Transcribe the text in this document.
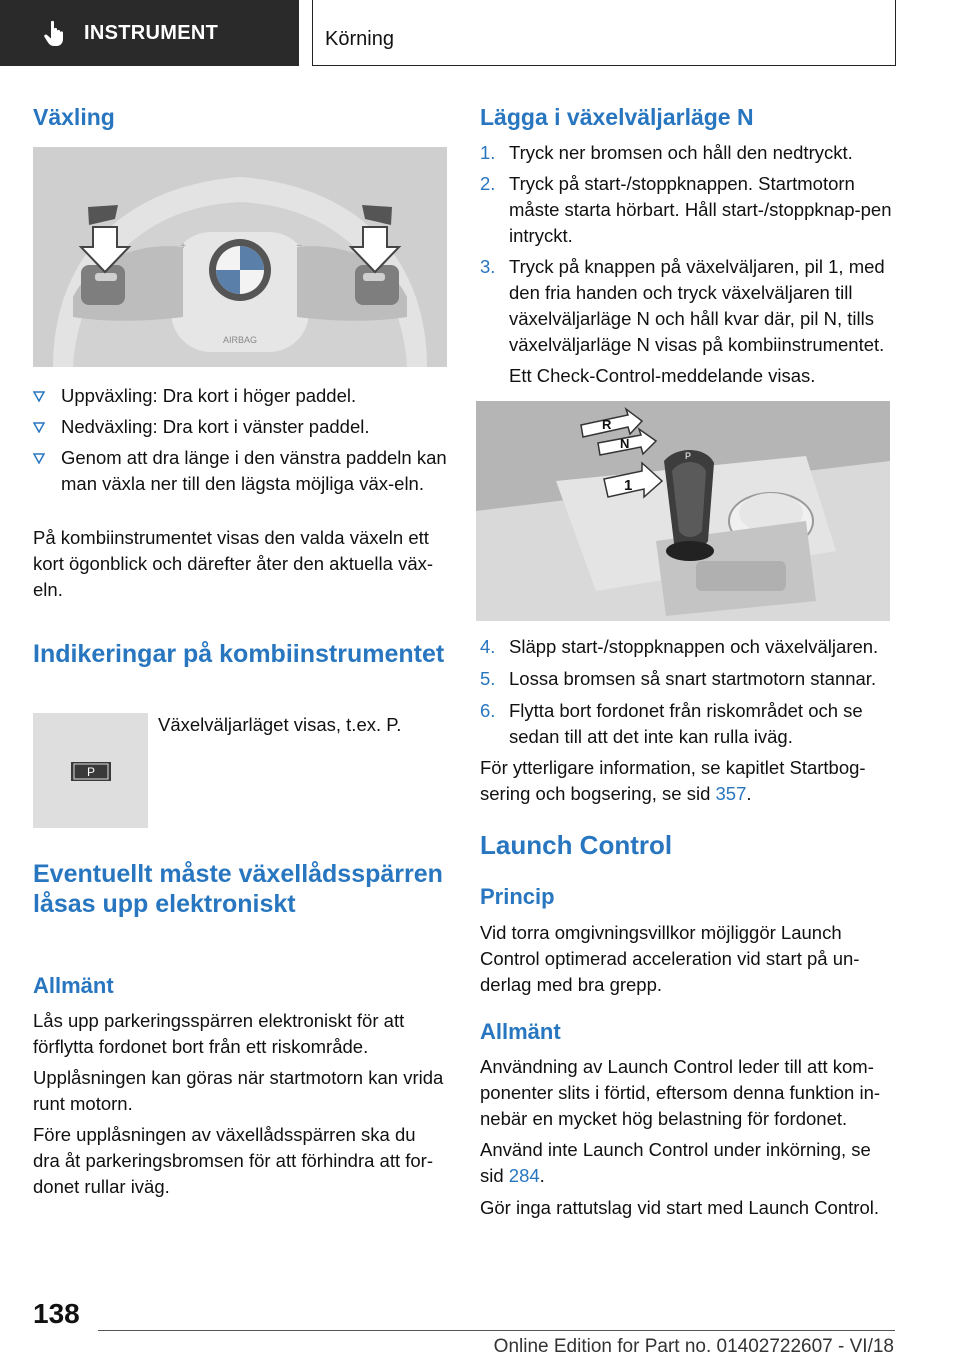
INSTRUMENT	Körning
Växling
AIRBAG
+	−
Uppväxling: Dra kort i höger paddel.
Nedväxling: Dra kort i vänster paddel.
Genom att dra länge i den vänstra paddeln kan man växla ner till den lägsta möjliga väx-eln.
På kombiinstrumentet visas den valda växeln ett kort ögonblick och därefter åter den aktuella väx-eln.
Indikeringar på kombiinstrumentet
P
Växelväljarläget visas, t.ex. P.
Eventuellt måste växellådsspärren låsas upp elektroniskt
Allmänt
Lås upp parkeringsspärren elektroniskt för att förflytta fordonet bort från ett riskområde.
Upplåsningen kan göras när startmotorn kan vrida runt motorn.
Före upplåsningen av växellådsspärren ska du dra åt parkeringsbromsen för att förhindra att for-donet rullar iväg.
Lägga i växelväljarläge N
1. Tryck ner bromsen och håll den nedtryckt.
2. Tryck på start-/stoppknappen. Startmotorn måste starta hörbart. Håll start-/stoppknap-pen intryckt.
3. Tryck på knappen på växelväljaren, pil 1, med den fria handen och tryck växelväljaren till växelväljarläge N och håll kvar där, pil N, tills växelväljarläge N visas på kombiinstrumentet.
Ett Check-Control-meddelande visas.
P
R
N
1
4. Släpp start-/stoppknappen och växelväljaren.
5. Lossa bromsen så snart startmotorn stannar.
6. Flytta bort fordonet från riskområdet och se sedan till att det inte kan rulla iväg.
För ytterligare information, se kapitlet Startbog-sering och bogsering, se sid 357.
Launch Control
Princip
Vid torra omgivningsvillkor möjliggör Launch Control optimerad acceleration vid start på un-derlag med bra grepp.
Allmänt
Användning av Launch Control leder till att kom-ponenter slits i förtid, eftersom denna funktion in-nebär en mycket hög belastning för fordonet.
Använd inte Launch Control under inkörning, se sid 284.
Gör inga rattutslag vid start med Launch Control.
138
Online Edition for Part no. 01402722607 - VI/18
